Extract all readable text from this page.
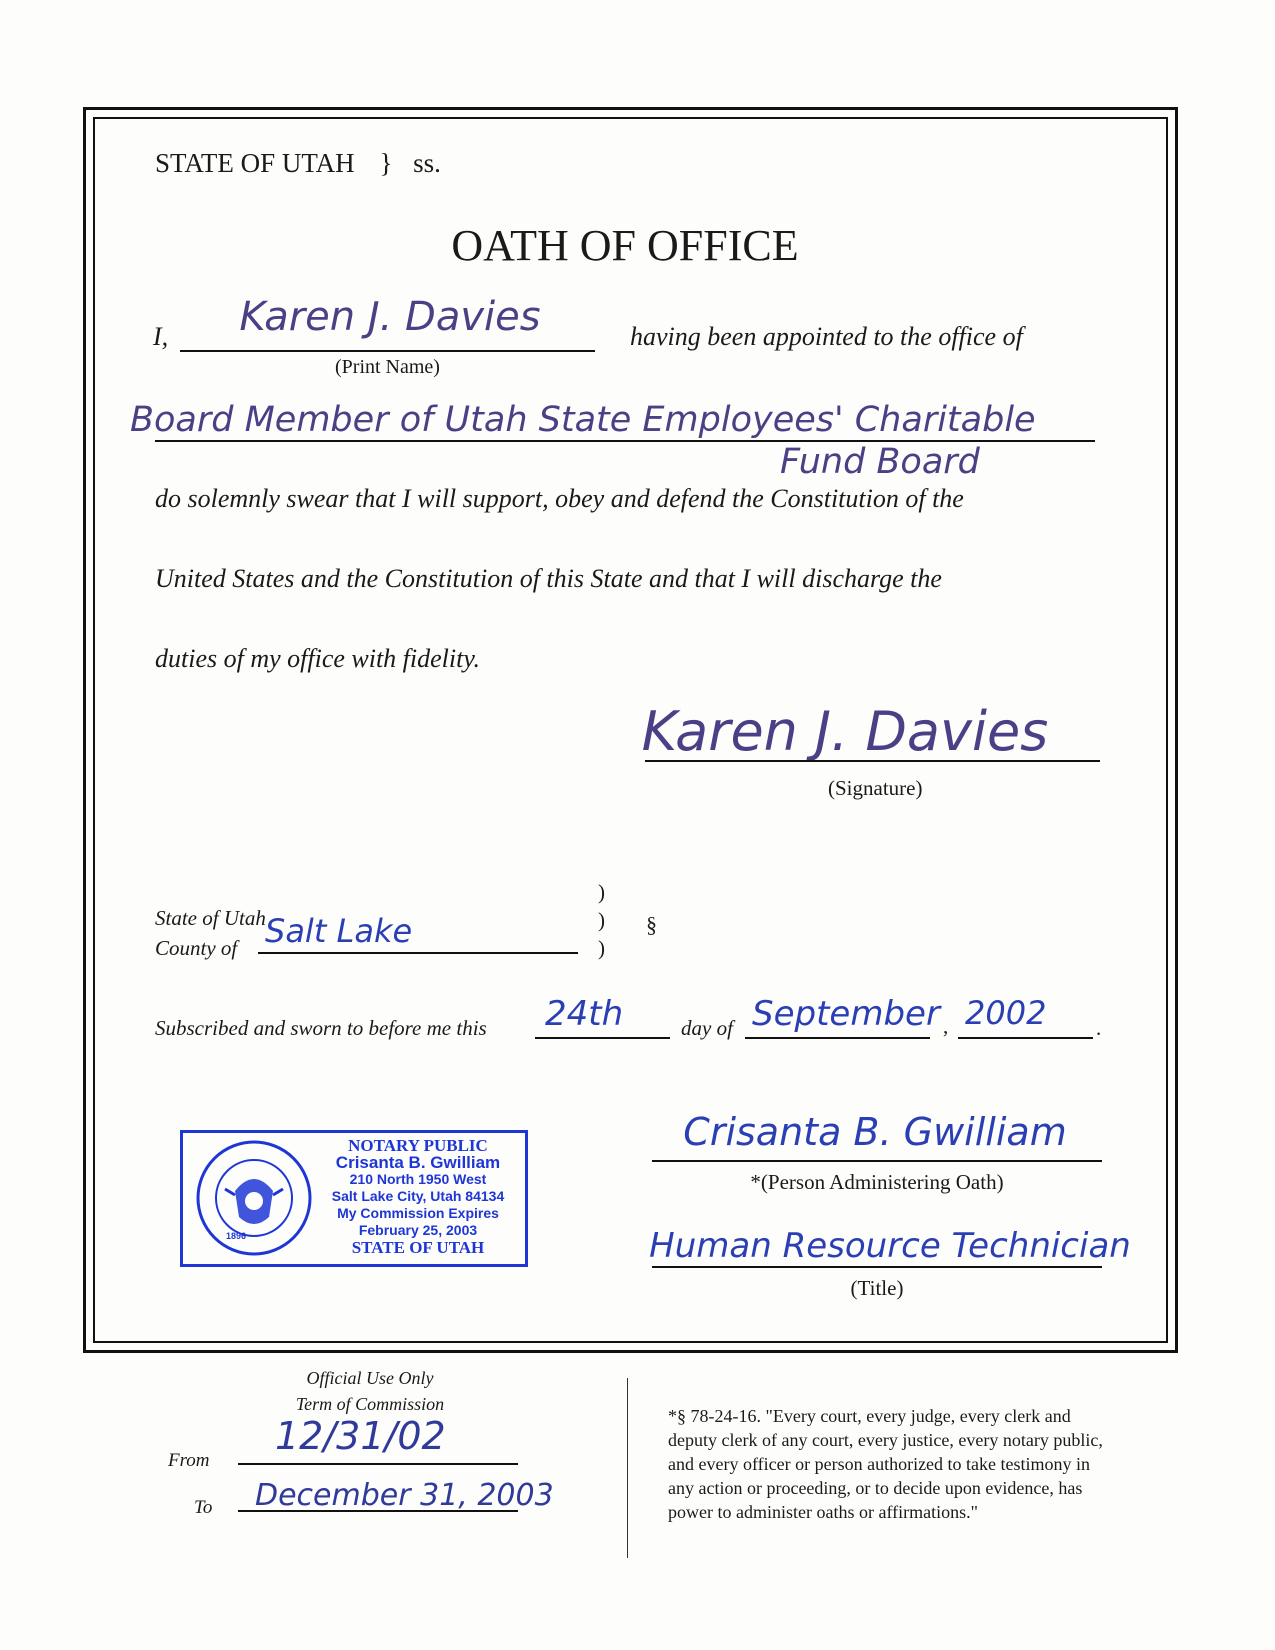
STATE OF UTAH } ss.
OATH OF OFFICE
I,	Karen J. Davies
(Print Name)
having been appointed to the office of
Board Member of Utah State Employees' Charitable
Fund Board
do solemnly swear that I will support, obey and defend the Constitution of the
United States and the Constitution of this State and that I will discharge the
duties of my office with fidelity.
Karen J. Davies
(Signature)
State of Utah
County of Salt Lake
)
)
)
§
Subscribed and sworn to before me this 24th	day of September , 2002 .
1896
NOTARY PUBLIC
Crisanta B. Gwilliam
210 North 1950 West
Salt Lake City, Utah 84134
My Commission Expires
February 25, 2003
STATE OF UTAH
Crisanta B. Gwilliam
*(Person Administering Oath)
Human Resource Technician
(Title)
Official Use Only
Term of Commission
From
12/31/02
To December 31, 2003
*§ 78-24-16. "Every court, every judge, every clerk and
deputy clerk of any court, every justice, every notary public,
and every officer or person authorized to take testimony in
any action or proceeding, or to decide upon evidence, has
power to administer oaths or affirmations."
